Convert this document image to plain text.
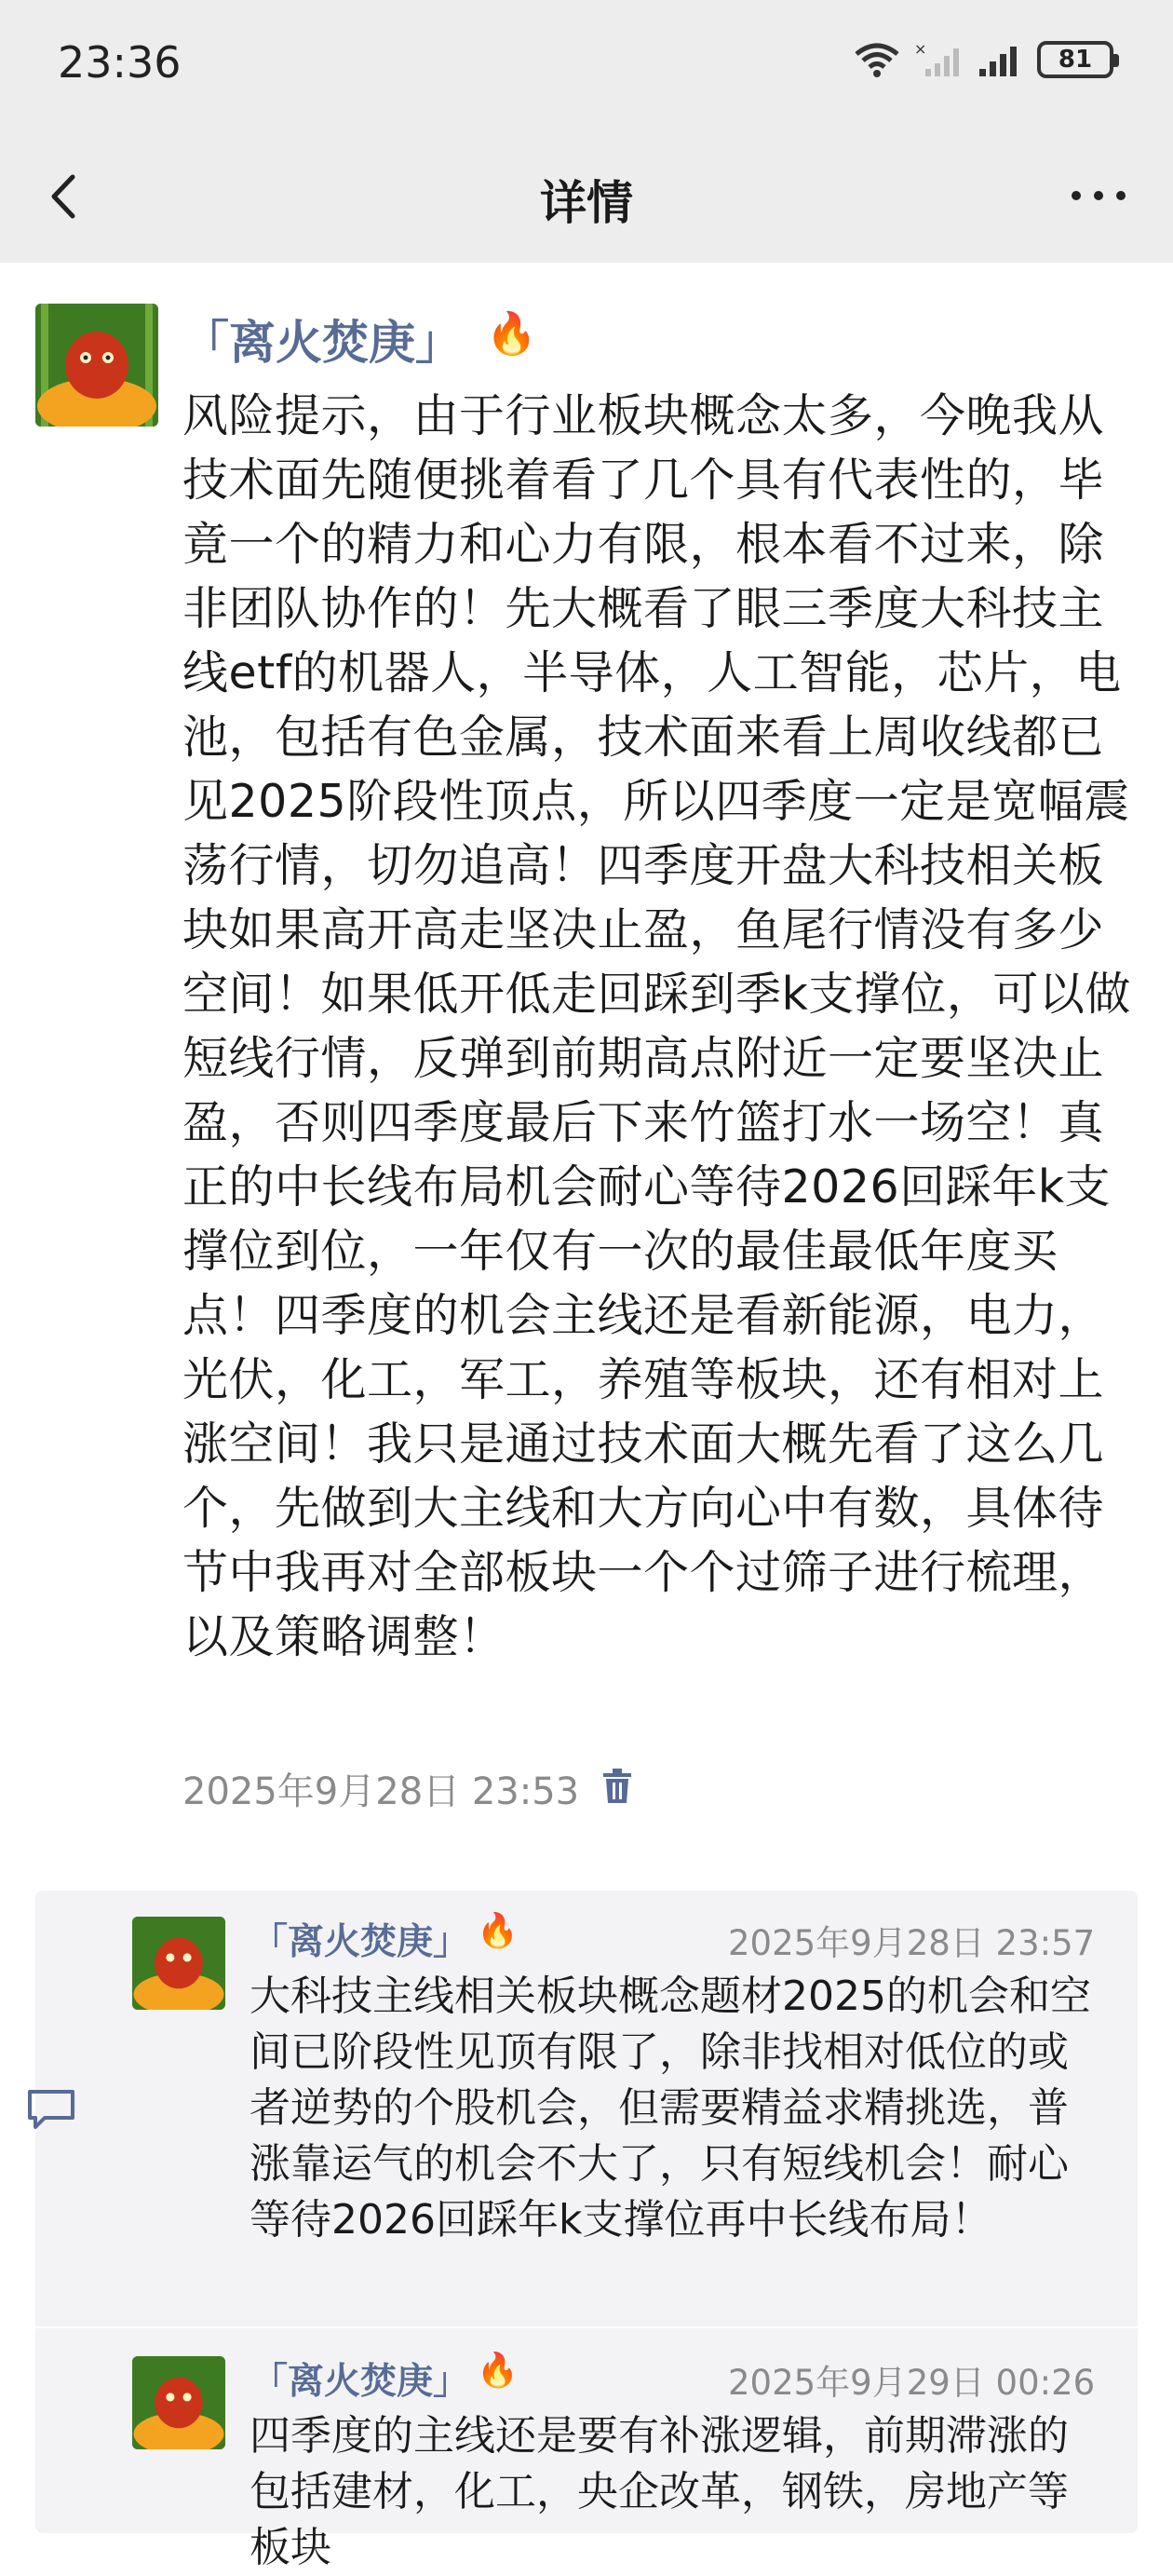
23:36	×	81
详情
「离火焚庚」 🔥
风险提示，由于行业板块概念太多，今晚我从技术面先随便挑着看了几个具有代表性的，毕竟一个的精力和心力有限，根本看不过来，除非团队协作的！先大概看了眼三季度大科技主线etf的机器人，半导体，人工智能，芯片，电池，包括有色金属，技术面来看上周收线都已见2025阶段性顶点，所以四季度一定是宽幅震荡行情，切勿追高！四季度开盘大科技相关板块如果高开高走坚决止盈，鱼尾行情没有多少空间！如果低开低走回踩到季k支撑位，可以做短线行情，反弹到前期高点附近一定要坚决止盈，否则四季度最后下来竹篮打水一场空！真正的中长线布局机会耐心等待2026回踩年k支撑位到位，一年仅有一次的最佳最低年度买点！四季度的机会主线还是看新能源，电力，光伏，化工，军工，养殖等板块，还有相对上涨空间！我只是通过技术面大概先看了这么几个，先做到大主线和大方向心中有数，具体待节中我再对全部板块一个个过筛子进行梳理，以及策略调整！
2025年9月28日 23:53
「离火焚庚」 🔥	2025年9月28日 23:57
大科技主线相关板块概念题材2025的机会和空间已阶段性见顶有限了，除非找相对低位的或者逆势的个股机会，但需要精益求精挑选，普涨靠运气的机会不大了，只有短线机会！耐心等待2026回踩年k支撑位再中长线布局！
「离火焚庚」 🔥	2025年9月29日 00:26
四季度的主线还是要有补涨逻辑，前期滞涨的包括建材，化工，央企改革，钢铁，房地产等板块
